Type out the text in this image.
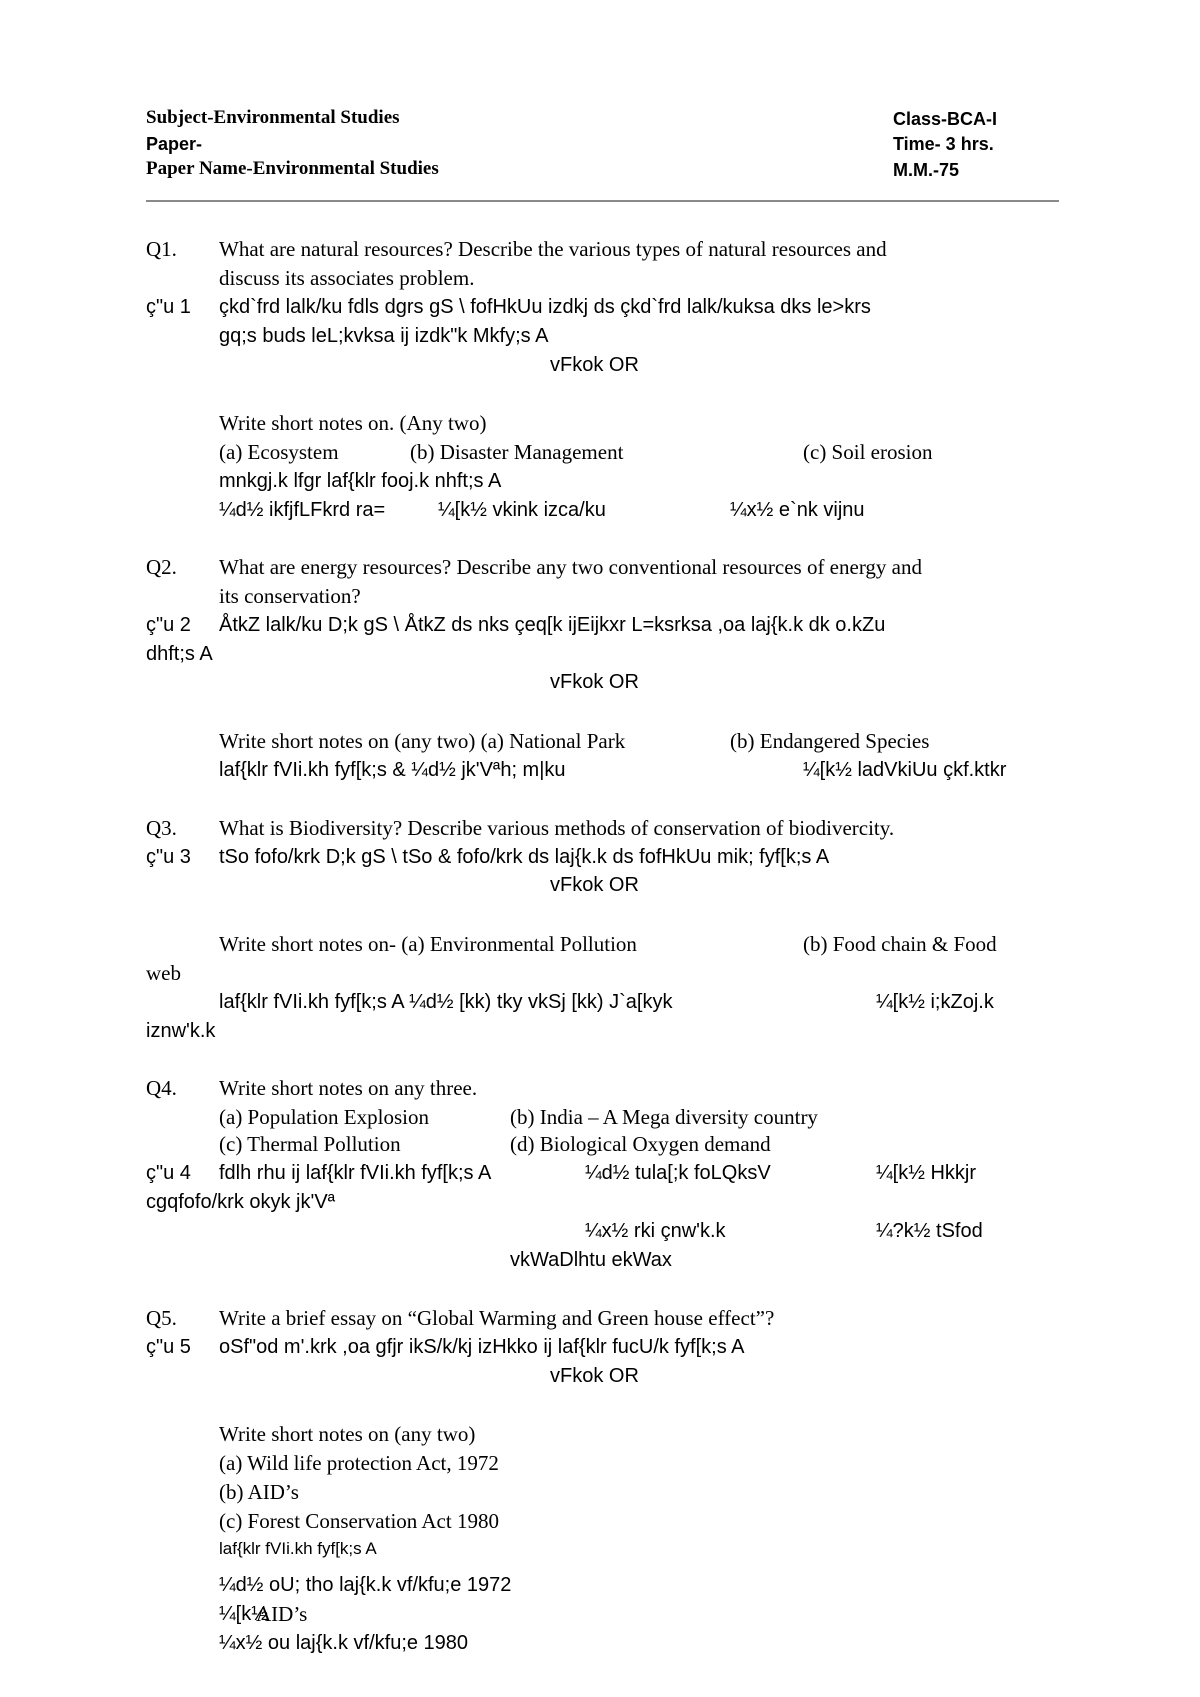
Subject-Environmental Studies
Paper-
Paper Name-Environmental Studies
Class-BCA-I
Time- 3 hrs.
M.M.-75
Q1. What are natural resources? Describe the various types of natural resources and
discuss its associates problem.
ç"u 1 çkd`frd lalk/ku fdls dgrs gS \ fofHkUu izdkj ds çkd`frd lalk/kuksa dks le>krs
gq;s buds leL;kvksa ij izdk"k Mkfy;s A
vFkok OR
Write short notes on. (Any two)
(a) Ecosystem	(b) Disaster Management	(c) Soil erosion
mnkgj.k lfgr laf{klr fooj.k nhft;s A
¼d½ ikfjfLFkrd ra=	¼[k½ vkink izca/ku	¼x½ e`nk vijnu
Q2. What are energy resources? Describe any two conventional resources of energy and
its conservation?
ç"u 2 ÅtkZ lalk/ku D;k gS \ ÅtkZ ds nks çeq[k ijEijkxr L=ksrksa ,oa laj{k.k dk o.kZu
dhft;s A
vFkok OR
Write short notes on (any two) (a) National Park	(b) Endangered Species
laf{klr fVIi.kh fyf[k;s & ¼d½ jk'Vªh; m|ku	¼[k½ ladVkiUu çkf.ktkr
Q3. What is Biodiversity? Describe various methods of conservation of biodivercity.
ç"u 3 tSo fofo/krk D;k gS \ tSo & fofo/krk ds laj{k.k ds fofHkUu mik; fyf[k;s A
vFkok OR
Write short notes on- (a) Environmental Pollution	(b) Food chain & Food
web
laf{klr fVIi.kh fyf[k;s A ¼d½ [kk) tky vkSj [kk) J`a[kyk	¼[k½ i;kZoj.k
iznw'k.k
Q4. Write short notes on any three.
(a) Population Explosion	(b) India – A Mega diversity country
(c) Thermal Pollution	(d) Biological Oxygen demand
ç"u 4 fdlh rhu ij laf{klr fVIi.kh fyf[k;s A	¼d½ tula[;k foLQksV	¼[k½ Hkkjr
cgqfofo/krk okyk jk'Vª
¼x½ rki çnw'k.k	¼?k½ tSfod
vkWaDlhtu ekWax
Q5. Write a brief essay on “Global Warming and Green house effect”?
ç"u 5 oSf"od m'.krk ,oa gfjr ikS/k/kj izHkko ij laf{klr fucU/k fyf[k;s A
vFkok OR
Write short notes on (any two)
(a) Wild life protection Act, 1972
(b) AID’s
(c) Forest Conservation Act 1980
laf{klr fVIi.kh fyf[k;s A
¼d½ oU; tho laj{k.k vf/kfu;e 1972
¼[k½
AID’s
¼x½ ou laj{k.k vf/kfu;e 1980
